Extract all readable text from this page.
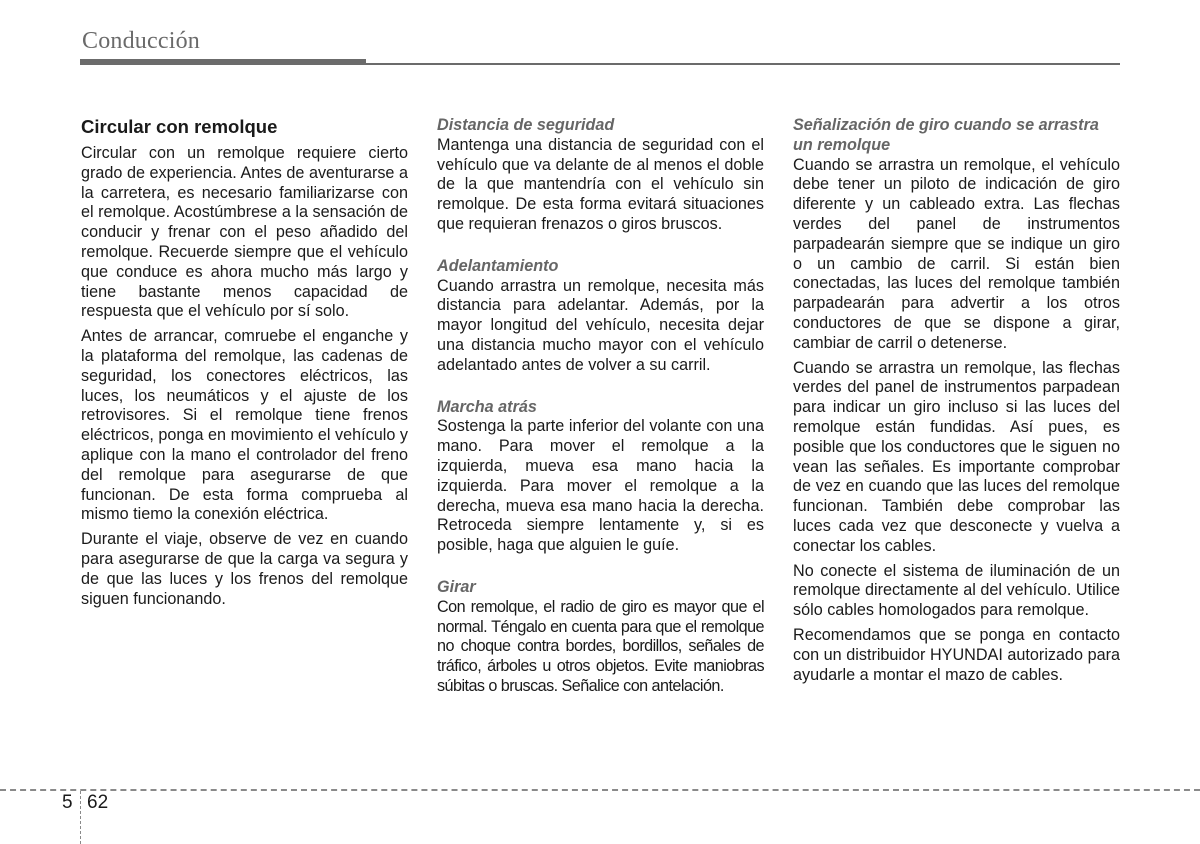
Conducción
Circular con remolque

Circular con un remolque requiere cierto grado de experiencia. Antes de aventurarse a la carretera, es necesario familiarizarse con el remolque. Acostúmbrese a la sensación de conducir y frenar con el peso añadido del remolque. Recuerde siempre que el vehículo que conduce es ahora mucho más largo y tiene bastante menos capacidad de respuesta que el vehículo por sí solo.

Antes de arrancar, comruebe el enganche y la plataforma del remolque, las cadenas de seguridad, los conectores eléctricos, las luces, los neumáticos y el ajuste de los retrovisores. Si el remolque tiene frenos eléctricos, ponga en movimiento el vehículo y aplique con la mano el controlador del freno del remolque para asegurarse de que funcionan. De esta forma comprueba al mismo tiemo la conexión eléctrica.

Durante el viaje, observe de vez en cuando para asegurarse de que la carga va segura y de que las luces y los frenos del remolque siguen funcionando.

Distancia de seguridad

Mantenga una distancia de seguridad con el vehículo que va delante de al menos el doble de la que mantendría con el vehículo sin remolque. De esta forma evitará situaciones que requieran frenazos o giros bruscos.

Adelantamiento

Cuando arrastra un remolque, necesita más distancia para adelantar. Además, por la mayor longitud del vehículo, necesita dejar una distancia mucho mayor con el vehículo adelantado antes de volver a su carril.

Marcha atrás

Sostenga la parte inferior del volante con una mano. Para mover el remolque a la izquierda, mueva esa mano hacia la izquierda. Para mover el remolque a la derecha, mueva esa mano hacia la derecha. Retroceda siempre lentamente y, si es posible, haga que alguien le guíe.

Girar

Con remolque, el radio de giro es mayor que el normal. Téngalo en cuenta para que el remolque no choque contra bordes, bordillos, señales de tráfico, árboles u otros objetos. Evite maniobras súbitas o bruscas. Señalice con antelación.

Señalización de giro cuando se arrastra un remolque

Cuando se arrastra un remolque, el vehículo debe tener un piloto de indicación de giro diferente y un cableado extra. Las flechas verdes del panel de instrumentos parpadearán siempre que se indique un giro o un cambio de carril. Si están bien conectadas, las luces del remolque también parpadearán para advertir a los otros conductores de que se dispone a girar, cambiar de carril o detenerse.

Cuando se arrastra un remolque, las flechas verdes del panel de instrumentos parpadean para indicar un giro incluso si las luces del remolque están fundidas. Así pues, es posible que los conductores que le siguen no vean las señales. Es importante comprobar de vez en cuando que las luces del remolque funcionan. También debe comprobar las luces cada vez que desconecte y vuelva a conectar los cables.

No conecte el sistema de iluminación de un remolque directamente al del vehículo. Utilice sólo cables homologados para remolque.

Recomendamos que se ponga en contacto con un distribuidor HYUNDAI autorizado para ayudarle a montar el mazo de cables.

5 62
